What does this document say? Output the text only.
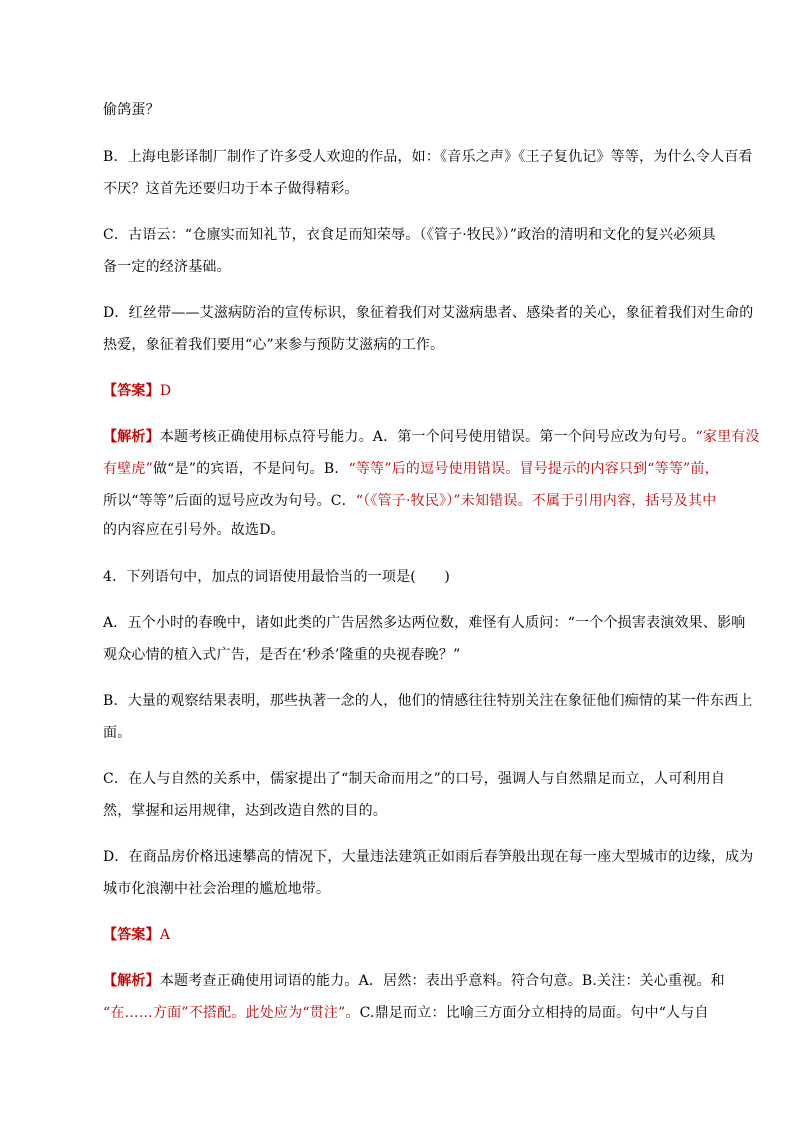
偷鸽蛋？
B．上海电影译制厂制作了许多受人欢迎的作品，如：《音乐之声》《王子复仇记》等等，为什么令人百看
不厌？这首先还要归功于本子做得精彩。
C．古语云：“仓廪实而知礼节，衣食足而知荣辱。（《管子·牧民》）”政治的清明和文化的复兴必须具
备一定的经济基础。
D．红丝带——艾滋病防治的宣传标识，象征着我们对艾滋病患者、感染者的关心，象征着我们对生命的
热爱，象征着我们要用“心”来参与预防艾滋病的工作。
【答案】D
【解析】本题考核正确使用标点符号能力。A．第一个问号使用错误。第一个问号应改为句号。“家里有没
有壁虎”做“是”的宾语，不是问句。B．“等等”后的逗号使用错误。冒号提示的内容只到“等等”前，
所以“等等”后面的逗号应改为句号。C．“（《管子·牧民》）”未知错误。不属于引用内容，括号及其中
的内容应在引号外。故选D。
4．下列语句中，加点的词语使用最恰当的一项是(　　)
A．五个小时的春晚中，诸如此类的广告居然多达两位数，难怪有人质问：“一个个损害表演效果、影响
观众心情的植入式广告，是否在‘秒杀’隆重的央视春晚？”
B．大量的观察结果表明，那些执著一念的人，他们的情感往往特别关注在象征他们痴情的某一件东西上
面。
C．在人与自然的关系中，儒家提出了“制天命而用之”的口号，强调人与自然鼎足而立，人可利用自
然，掌握和运用规律，达到改造自然的目的。
D．在商品房价格迅速攀高的情况下，大量违法建筑正如雨后春笋般出现在每一座大型城市的边缘，成为
城市化浪潮中社会治理的尴尬地带。
【答案】A
【解析】本题考查正确使用词语的能力。A．居然：表出乎意料。符合句意。B.关注：关心重视。和
“在……方面”不搭配。此处应为“贯注”。C.鼎足而立：比喻三方面分立相持的局面。句中“人与自
